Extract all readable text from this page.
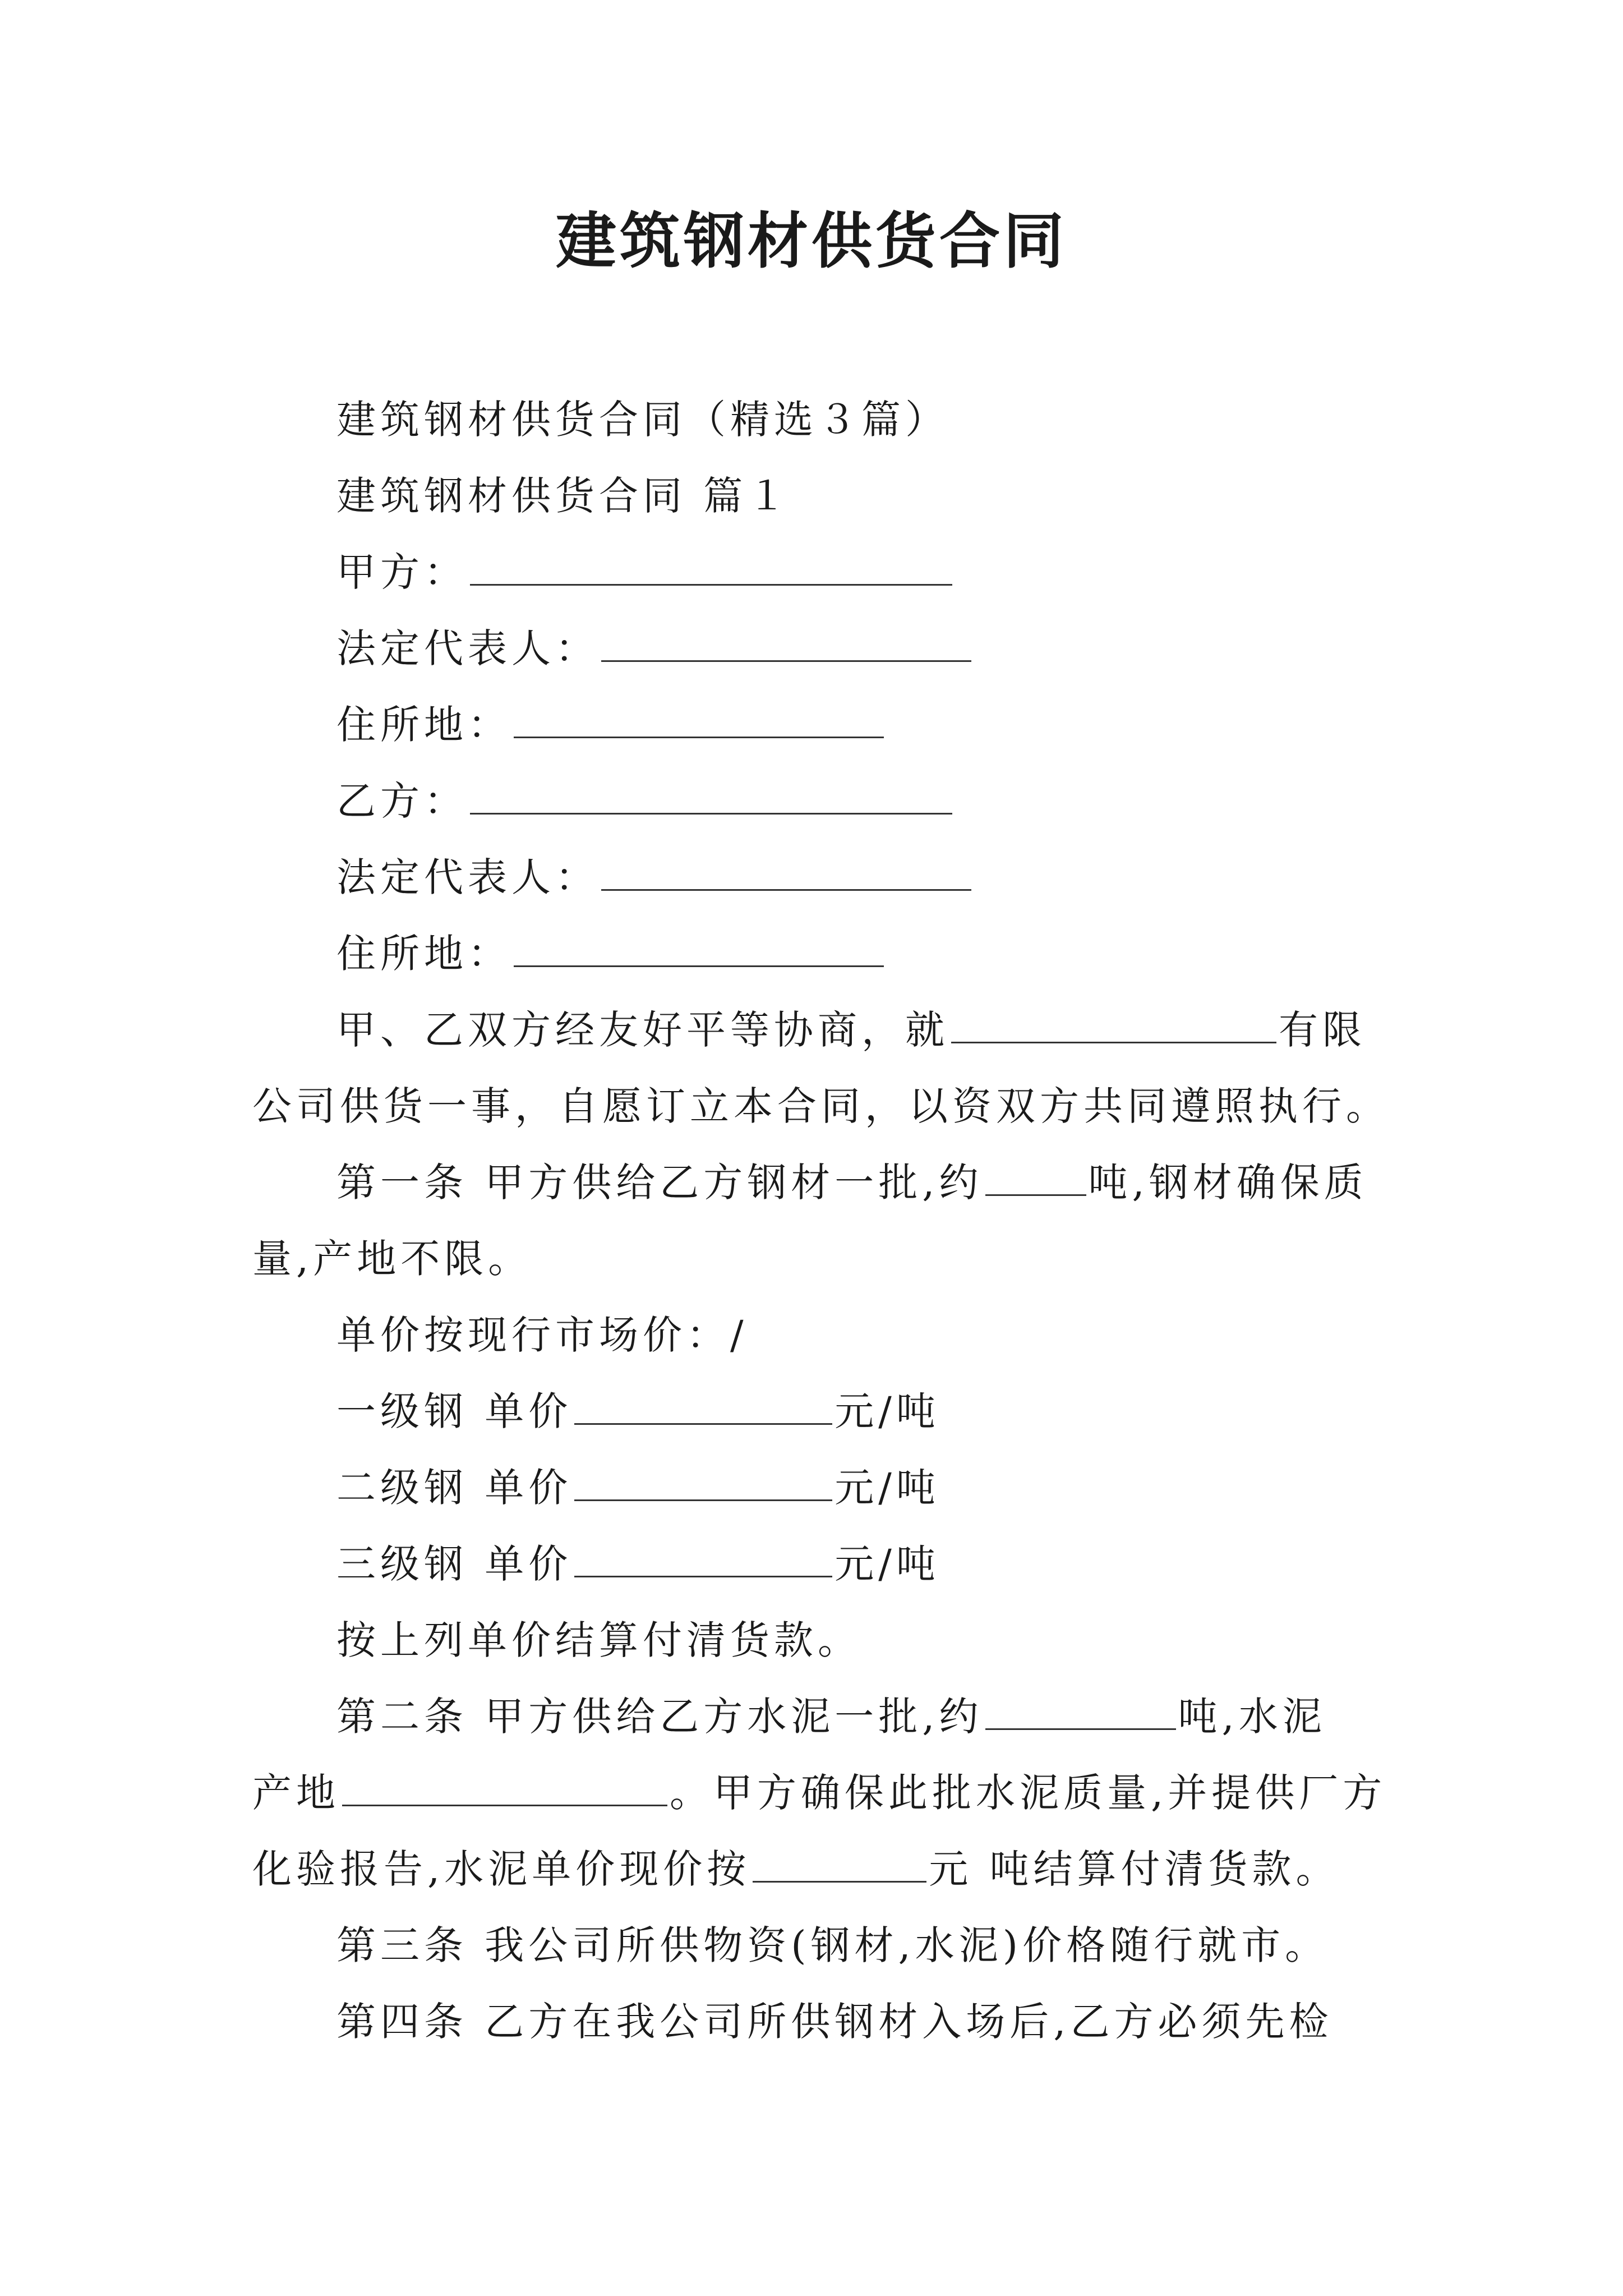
建筑钢材供货合同
建筑钢材供货合同（精选３篇）
建筑钢材供货合同 篇１
甲方：
法定代表人：
住所地：
乙方：
法定代表人：
住所地：
甲、乙双方经友好平等协商，就	有限
公司供货一事，自愿订立本合同，以资双方共同遵照执行。
第一条 甲方供给乙方钢材一批,约	吨,钢材确保质
量,产地不限。
单价按现行市场价：/
一级钢 单价	元/吨
二级钢 单价	元/吨
三级钢 单价	元/吨
按上列单价结算付清货款。
第二条 甲方供给乙方水泥一批,约	吨,水泥
产地	。甲方确保此批水泥质量,并提供厂方
化验报告,水泥单价现价按	元 吨结算付清货款。
第三条 我公司所供物资(钢材,水泥)价格随行就市。
第四条 乙方在我公司所供钢材入场后,乙方必须先检
